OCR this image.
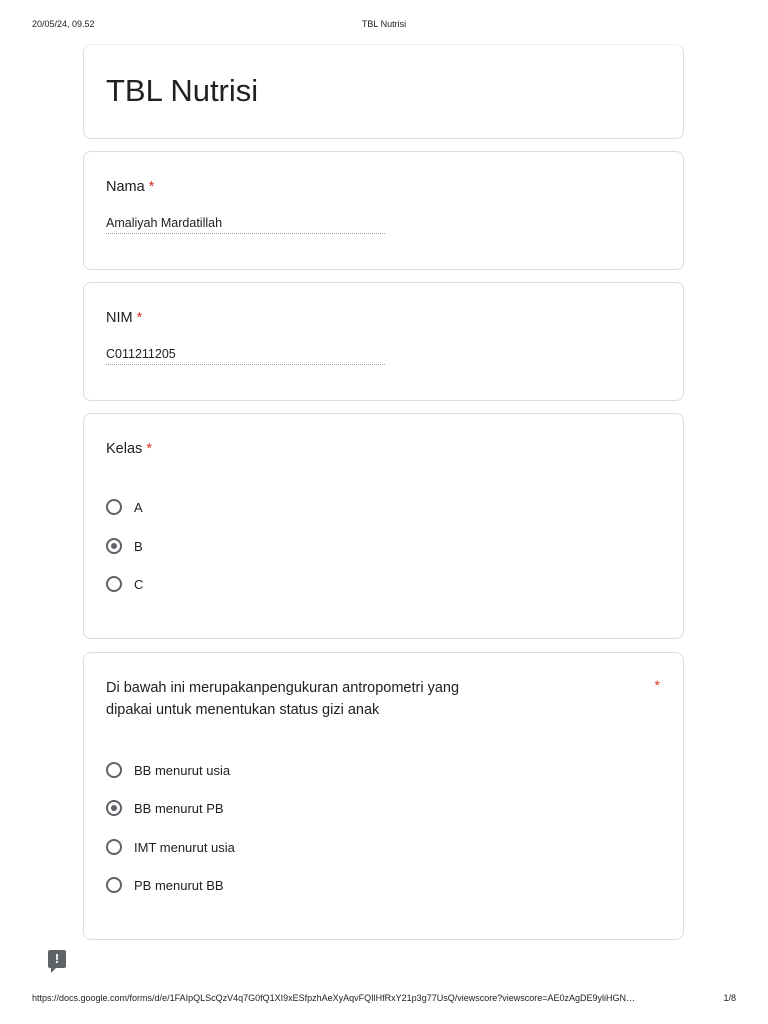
20/05/24, 09.52	TBL Nutrisi
TBL Nutrisi
Nama *
Amaliyah Mardatillah
NIM *
C011211205
Kelas *
A
B
C
Di bawah ini merupakanpengukuran antropometri yang
dipakai untuk menentukan status gizi anak
*
BB menurut usia
BB menurut PB
IMT menurut usia
PB menurut BB
!
https://docs.google.com/forms/d/e/1FAIpQLScQzV4q7G0fQ1XI9xESfpzhAeXyAqvFQIlHfRxY21p3g77UsQ/viewscore?viewscore=AE0zAgDE9yliHGN…	1/8
